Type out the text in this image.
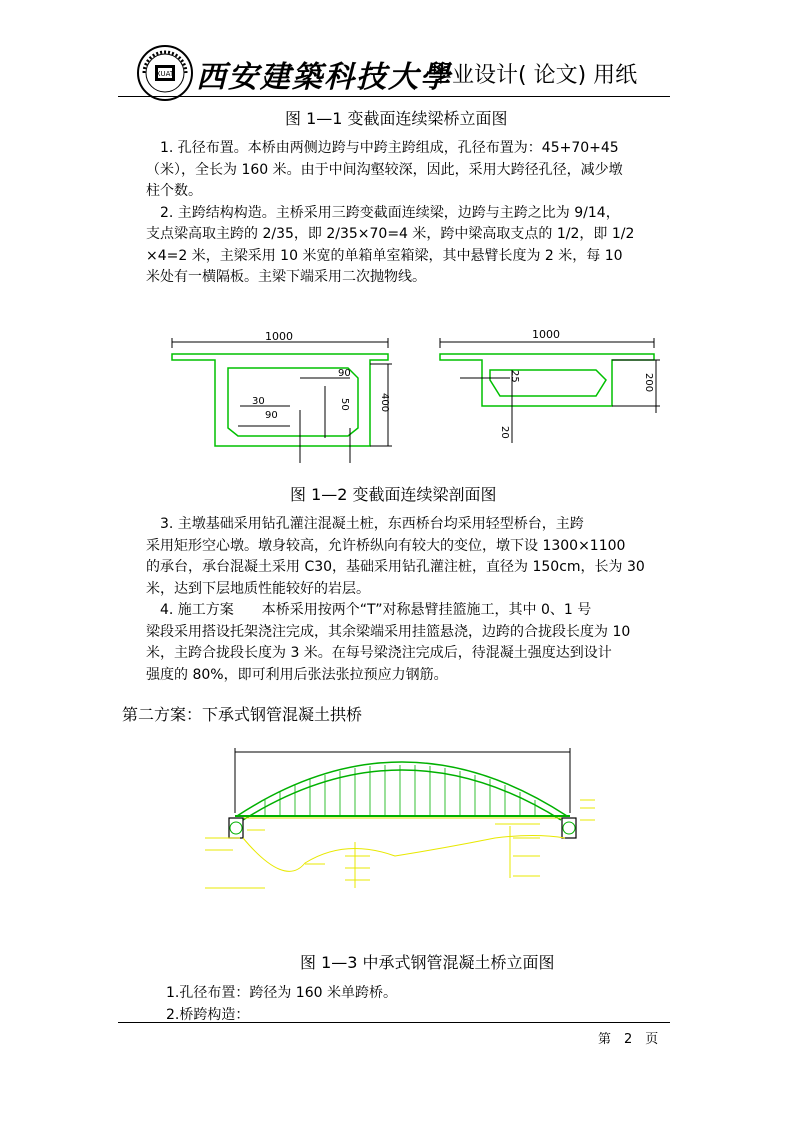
XUAT 西安建築科技大學
毕业设计( 论文) 用纸
图 1—1 变截面连续梁桥立面图

　1. 孔径布置。本桥由两侧边跨与中跨主跨组成，孔径布置为：45+70+45

（米），全长为 160 米。由于中间沟壑较深，因此，采用大跨径孔径，减少墩

柱个数。

　2. 主跨结构构造。主桥采用三跨变截面连续梁，边跨与主跨之比为 9/14，

支点梁高取主跨的 2/35，即 2/35×70=4 米，跨中梁高取支点的 1/2，即 1/2

×4=2 米，主梁采用 10 米宽的单箱单室箱梁，其中悬臂长度为 2 米，每 10

米处有一横隔板。主梁下端采用二次抛物线。

1000
90
30
90
50	400
1000
25	200
20
图 1—2 变截面连续梁剖面图

　3. 主墩基础采用钻孔灌注混凝土桩，东西桥台均采用轻型桥台，主跨

采用矩形空心墩。墩身较高，允许桥纵向有较大的变位，墩下设 1300×1100

的承台，承台混凝土采用 C30，基础采用钻孔灌注桩，直径为 150cm，长为 30

米，达到下层地质性能较好的岩层。

　4. 施工方案　　本桥采用按两个“T”对称悬臂挂篮施工，其中 0、1 号

梁段采用搭设托架浇注完成，其余梁端采用挂篮悬浇，边跨的合拢段长度为 10

米，主跨合拢段长度为 3 米。在每号梁浇注完成后，待混凝土强度达到设计

强度的 80%，即可利用后张法张拉预应力钢筋。

第二方案：下承式钢管混凝土拱桥
图 1—3 中承式钢管混凝土桥立面图

1.孔径布置：跨径为 160 米单跨桥。

2.桥跨构造：

第　2　页
